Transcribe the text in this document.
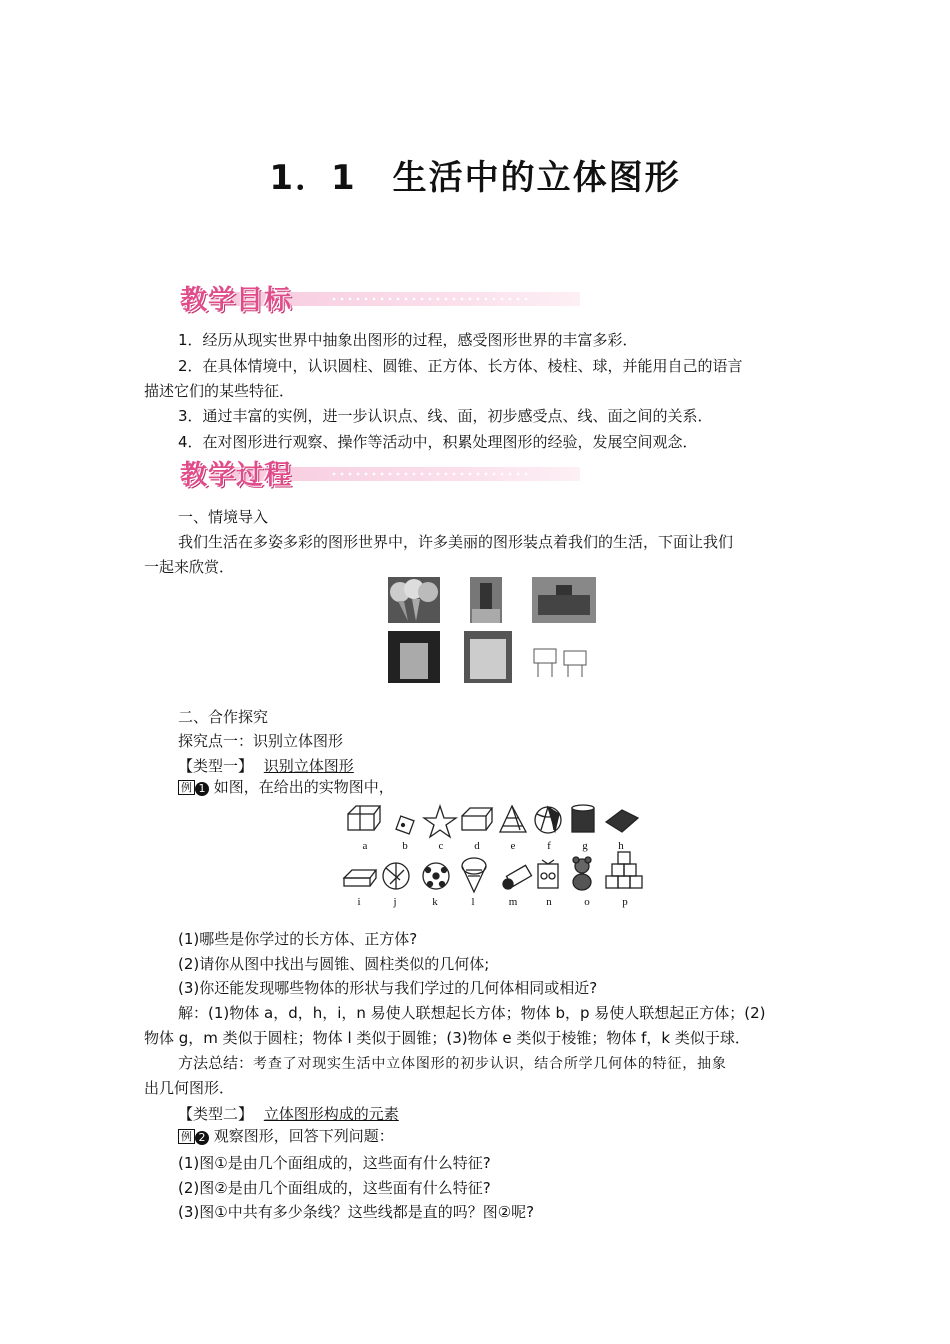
1．1　生活中的立体图形
教学目标
1．经历从现实世界中抽象出图形的过程，感受图形世界的丰富多彩．
2．在具体情境中，认识圆柱、圆锥、正方体、长方体、棱柱、球，并能用自己的语言
描述它们的某些特征．
3．通过丰富的实例，进一步认识点、线、面，初步感受点、线、面之间的关系．
4．在对图形进行观察、操作等活动中，积累处理图形的经验，发展空间观念．
教学过程
一、情境导入
我们生活在多姿多彩的图形世界中，许多美丽的图形装点着我们的生活，下面让我们
一起来欣赏．
二、合作探究
探究点一：识别立体图形
【类型一】 识别立体图形
例 1 如图，在给出的实物图中，
a	b	c	d	e	f	g	h
i	j	k	l	m	n	o	p
(1)哪些是你学过的长方体、正方体?
(2)请你从图中找出与圆锥、圆柱类似的几何体;
(3)你还能发现哪些物体的形状与我们学过的几何体相同或相近?
解：(1)物体 a，d，h，i，n 易使人联想起长方体；物体 b，p 易使人联想起正方体；(2)
物体 g，m 类似于圆柱；物体 l 类似于圆锥；(3)物体 e 类似于棱锥；物体 f，k 类似于球．
方法总结：考查了对现实生活中立体图形的初步认识，结合所学几何体的特征，抽象
出几何图形．
【类型二】 立体图形构成的元素
例 2 观察图形，回答下列问题：
(1)图①是由几个面组成的，这些面有什么特征?
(2)图②是由几个面组成的，这些面有什么特征?
(3)图①中共有多少条线？这些线都是直的吗？图②呢?
